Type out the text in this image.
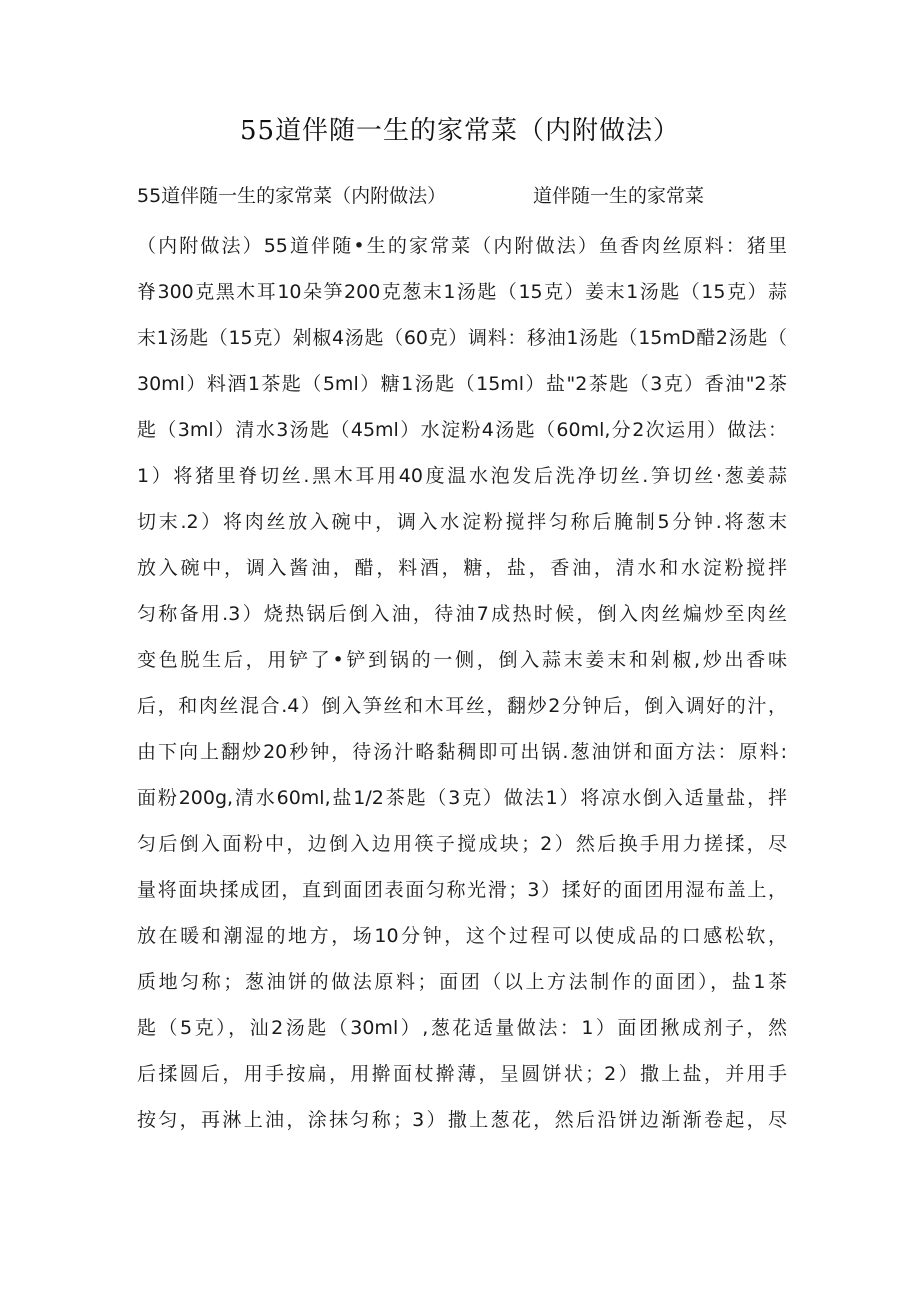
55道伴随一生的家常菜（内附做法）
55道伴随一生的家常菜（内附做法）	道伴随一生的家常菜
（内附做法）55道伴随•生的家常菜（内附做法）鱼香肉丝原料：猪里
脊300克黑木耳10朵笋200克葱末1汤匙（15克）姜末1汤匙（15克）蒜
末1汤匙（15克）剁椒4汤匙（60克）调料：移油1汤匙（15mD醋2汤匙（
30ml）料酒1茶匙（5ml）糖1汤匙（15ml）盐"2茶匙（3克）香油"2茶
匙（3ml）清水3汤匙（45ml）水淀粉4汤匙（60ml,分2次运用）做法：
1）将猪里脊切丝.黑木耳用40度温水泡发后洗净切丝.笋切丝·葱姜蒜
切末.2）将肉丝放入碗中，调入水淀粉搅拌匀称后腌制5分钟.将葱末
放入碗中，调入酱油，醋，料酒，糖，盐，香油，清水和水淀粉搅拌
匀称备用.3）烧热锅后倒入油，待油7成热时候，倒入肉丝煸炒至肉丝
变色脱生后，用铲了•铲到锅的一侧，倒入蒜末姜末和剁椒,炒出香味
后，和肉丝混合.4）倒入笋丝和木耳丝，翻炒2分钟后，倒入调好的汁，
由下向上翻炒20秒钟，待汤汁略黏稠即可出锅.葱油饼和面方法：原料:
面粉200g,清水60ml,盐1/2茶匙（3克）做法1）将凉水倒入适量盐，拌
匀后倒入面粉中，边倒入边用筷子搅成块；2）然后换手用力搓揉，尽
量将面块揉成团，直到面团表面匀称光滑；3）揉好的面团用湿布盖上，
放在暖和潮湿的地方，场10分钟，这个过程可以使成品的口感松软，
质地匀称；葱油饼的做法原料；面团（以上方法制作的面团），盐1茶
匙（5克），汕2汤匙（30ml）,葱花适量做法：1）面团揪成剂子，然
后揉圆后，用手按扁，用擀面杖擀薄，呈圆饼状；2）撒上盐，并用手
按匀，再淋上油，涂抹匀称；3）撒上葱花，然后沿饼边渐渐卷起，尽
